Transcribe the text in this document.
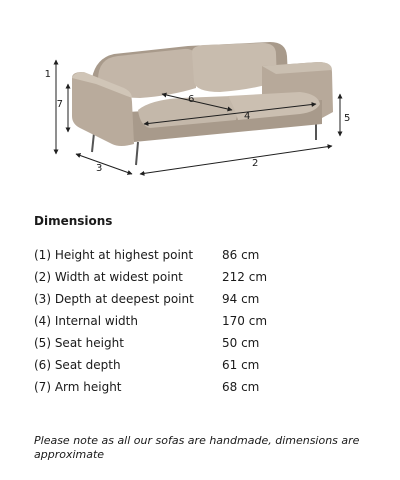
1
7	6
4	5
2
3
Dimensions
(1) Height at highest point 86 cm
(2) Width at widest point	212 cm
(3) Depth at deepest point 94 cm
(4) Internal width	170 cm
(5) Seat height	50 cm
(6) Seat depth	61 cm
(7) Arm height	68 cm
Please note as all our sofas are handmade, dimensions are approximate
